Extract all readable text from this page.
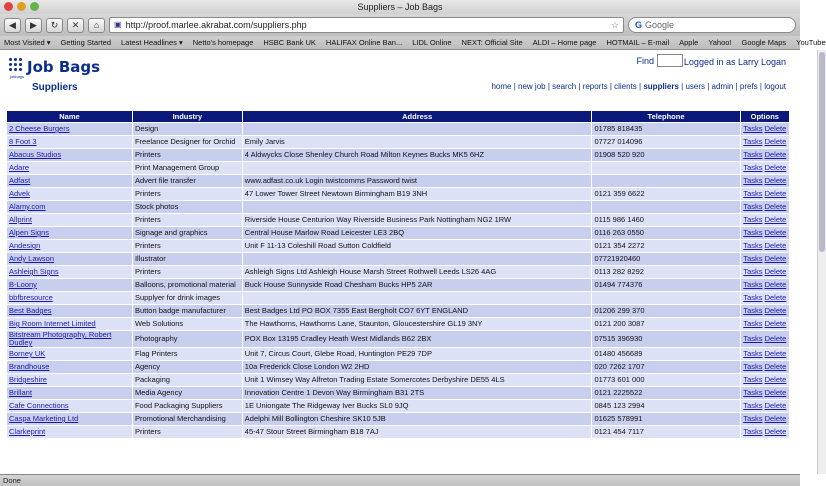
Suppliers – Job Bags
◀	▶	↻	✕	⌂	▣ http://proof.marlee.akrabat.com/suppliers.php	☆ G Google
Most Visited ▾ Getting Started Latest Headlines ▾ Netto's homepage HSBC Bank UK HALIFAX Online Ban... LIDL Online NEXT: Official Site ALDI – Home page HOTMAIL – E-mail Apple Yahoo! Google Maps YouTube
Job Bags
jobbags
Suppliers
Find	Logged in as Larry Logan
home | new job | search | reports | clients | suppliers | users | admin | prefs | logout
Name	Industry	Address	Telephone	Options
2 Cheese Burgers	Design		01785 818435	Tasks Delete
8 Foot 3	Freelance Designer for Orchid	Emily Jarvis	07727 014096	Tasks Delete
Abacus Studios	Printers	4 Aldwycks Close Shenley Church Road Milton Keynes Bucks MK5 6HZ	01908 520 920	Tasks Delete
Adare	Print Management Group			Tasks Delete
Adfast	Advert file transfer	www.adfast.co.uk Login twistcomms Password twist		Tasks Delete
Advek	Printers	47 Lower Tower Street Newtown Birmingham B19 3NH	0121 359 6622	Tasks Delete
Alamy.com	Stock photos			Tasks Delete
Allprint	Printers	Riverside House Centurion Way Riverside Business Park Nottingham NG2 1RW	0115 986 1460	Tasks Delete
Alpen Signs	Signage and graphics	Central House Marlow Road Leicester LE3 2BQ	0116 263 0550	Tasks Delete
Andesign	Printers	Unit F 11-13 Coleshill Road Sutton Coldfield	0121 354 2272	Tasks Delete
Andy Lawson	Illustrator		07721920460	Tasks Delete
Ashleigh Signs	Printers	Ashleigh Signs Ltd Ashleigh House Marsh Street Rothwell Leeds LS26 4AG	0113 282 8292	Tasks Delete
B-Loony	Balloons, promotional material	Buck House Sunnyside Road Chesham Bucks HP5 2AR	01494 774376	Tasks Delete
bbfbresource	Supplyer for drink images			Tasks Delete
Best Badges	Button badge manufacturer	Best Badges Ltd PO BOX 7355 East Bergholt CO7 6YT ENGLAND	01206 299 370	Tasks Delete
Big Room Internet Limited	Web Solutions	The Hawthorns, Hawthorns Lane, Staunton, Gloucestershire GL19 3NY	0121 200 3087	Tasks Delete
Bitstream Photography, Robert Dudley	Photography	POX Box 13195 Cradley Heath West Midlands B62 2BX	07515 396930	Tasks Delete
Borney UK	Flag Printers	Unit 7, Circus Court, Glebe Road, Huntington PE29 7DP	01480 456689	Tasks Delete
Brandhouse	Agency	10a Frederick Close London W2 2HD	020 7262 1707	Tasks Delete
Bridgeshire	Packaging	Unit 1 Wimsey Way Alfreton Trading Estate Somercotes Derbyshire DE55 4LS	01773 601 000	Tasks Delete
Brillant	Media Agency	Innovation Centre 1 Devon Way Birmingham B31 2TS	0121 2225522	Tasks Delete
Cafe Connections	Food Packaging Suppliers	1E Uniongate The Ridgeway Iver Bucks SL0 9JQ	0845 123 2994	Tasks Delete
Caspa Marketing Ltd	Promotional Merchandising	Adelphi Mill Bollington Cheshire SK10 5JB	01625 578991	Tasks Delete
Clarkeprint	Printers	45-47 Stour Street Birmingham B18 7AJ	0121 454 7117	Tasks Delete
Done
